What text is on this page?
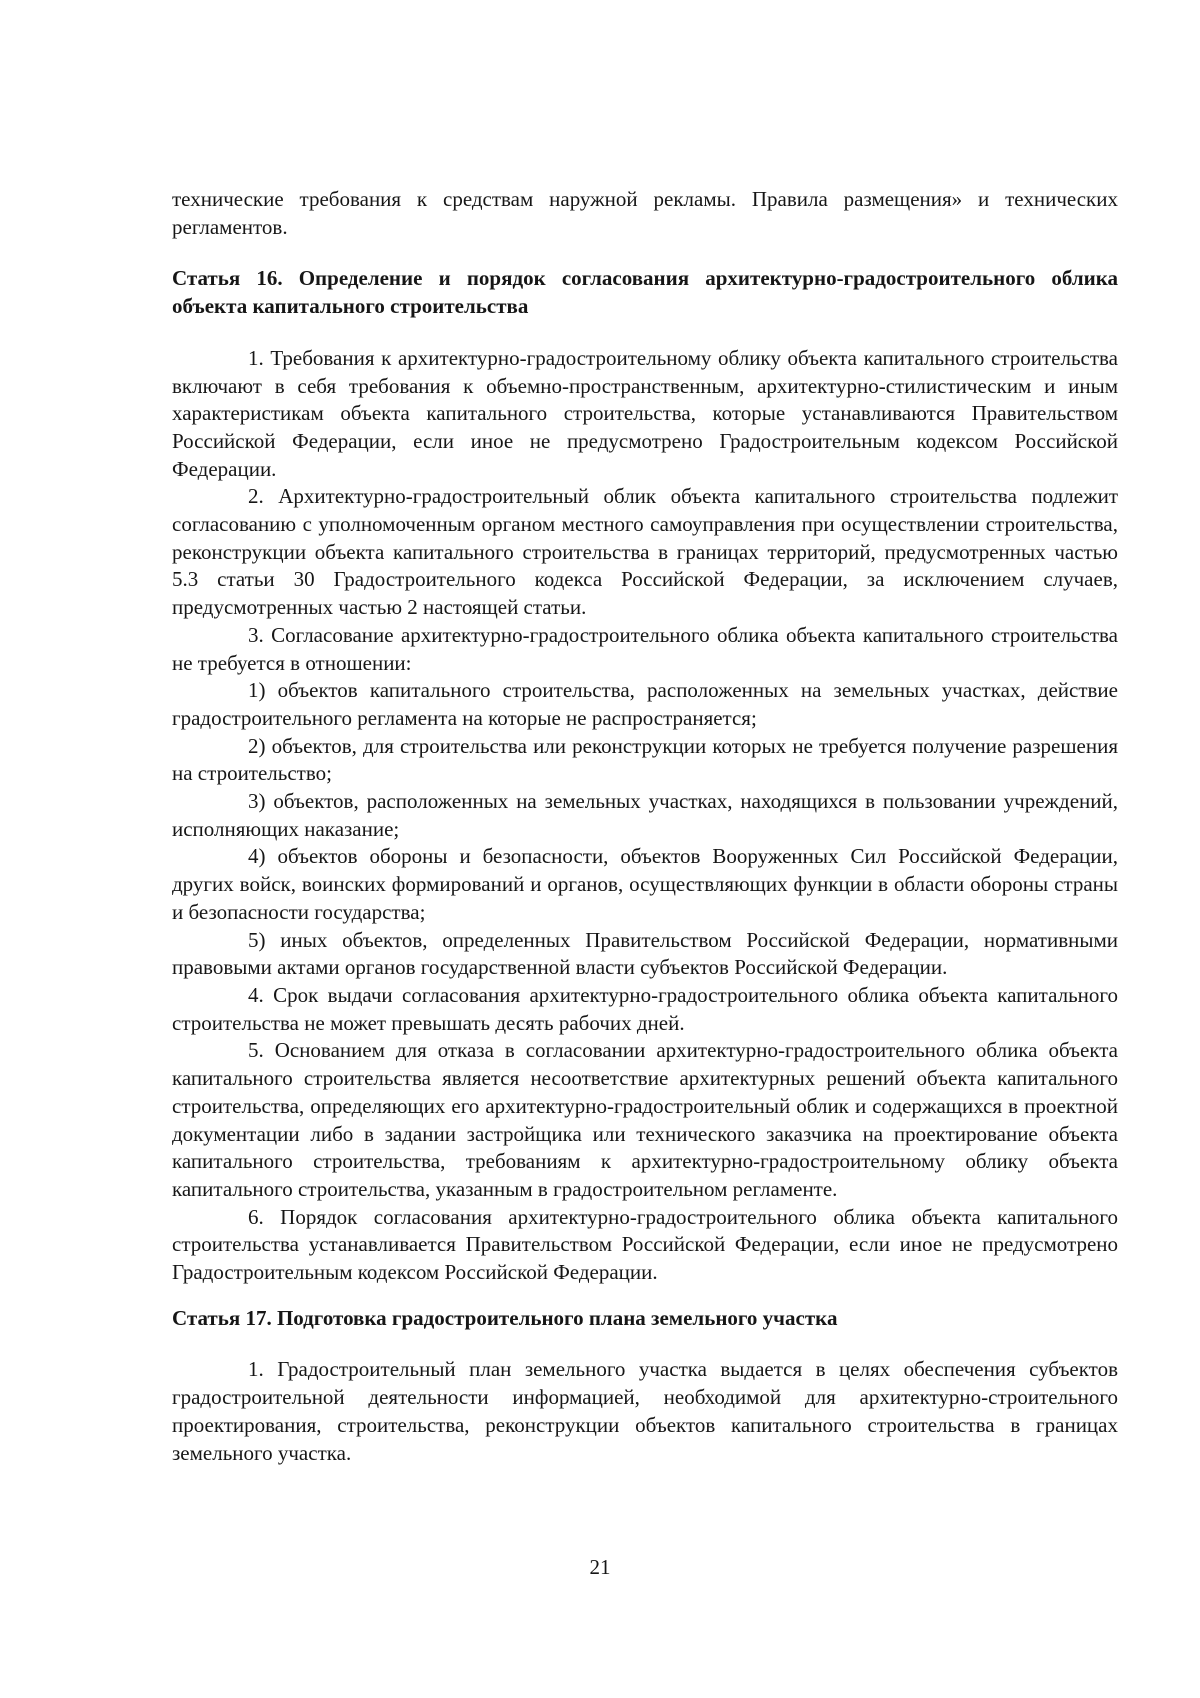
технические требования к средствам наружной рекламы. Правила размещения» и технических регламентов.

Статья 16. Определение и порядок согласования архитектурно-градостроительного облика объекта капитального строительства

1. Требования к архитектурно-градостроительному облику объекта капитального строительства включают в себя требования к объемно-пространственным, архитектурно-стилистическим и иным характеристикам объекта капитального строительства, которые устанавливаются Правительством Российской Федерации, если иное не предусмотрено Градостроительным кодексом Российской Федерации.

2. Архитектурно-градостроительный облик объекта капитального строительства подлежит согласованию с уполномоченным органом местного самоуправления при осуществлении строительства, реконструкции объекта капитального строительства в границах территорий, предусмотренных частью 5.3 статьи 30 Градостроительного кодекса Российской Федерации, за исключением случаев, предусмотренных частью 2 настоящей статьи.

3. Согласование архитектурно-градостроительного облика объекта капитального строительства не требуется в отношении:

1) объектов капитального строительства, расположенных на земельных участках, действие градостроительного регламента на которые не распространяется;

2) объектов, для строительства или реконструкции которых не требуется получение разрешения на строительство;

3) объектов, расположенных на земельных участках, находящихся в пользовании учреждений, исполняющих наказание;

4) объектов обороны и безопасности, объектов Вооруженных Сил Российской Федерации, других войск, воинских формирований и органов, осуществляющих функции в области обороны страны и безопасности государства;

5) иных объектов, определенных Правительством Российской Федерации, нормативными правовыми актами органов государственной власти субъектов Российской Федерации.

4. Срок выдачи согласования архитектурно-градостроительного облика объекта капитального строительства не может превышать десять рабочих дней.

5. Основанием для отказа в согласовании архитектурно-градостроительного облика объекта капитального строительства является несоответствие архитектурных решений объекта капитального строительства, определяющих его архитектурно-градостроительный облик и содержащихся в проектной документации либо в задании застройщика или технического заказчика на проектирование объекта капитального строительства, требованиям к архитектурно-градостроительному облику объекта капитального строительства, указанным в градостроительном регламенте.

6. Порядок согласования архитектурно-градостроительного облика объекта капитального строительства устанавливается Правительством Российской Федерации, если иное не предусмотрено Градостроительным кодексом Российской Федерации.

Статья 17. Подготовка градостроительного плана земельного участка

1. Градостроительный план земельного участка выдается в целях обеспечения субъектов градостроительной деятельности информацией, необходимой для архитектурно-строительного проектирования, строительства, реконструкции объектов капитального строительства в границах земельного участка.

21
